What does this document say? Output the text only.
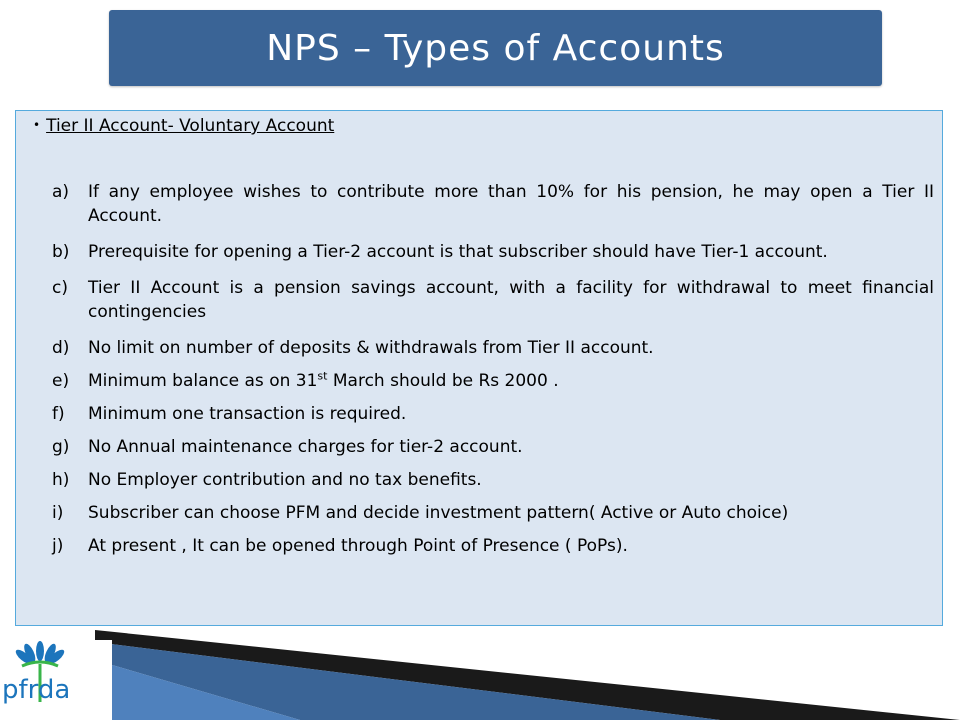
NPS – Types of Accounts
• Tier II Account- Voluntary Account
a)	If any employee wishes to contribute more than 10% for his pension, he may open a Tier II Account.
b)	Prerequisite for opening a Tier-2 account is that subscriber should have Tier-1 account.
c)	Tier II Account is a pension savings account, with a facility for withdrawal to meet financial contingencies
d)	No limit on number of deposits & withdrawals from Tier II account.
e)	Minimum balance as on 31st March should be Rs 2000 .
f)	Minimum one transaction is required.
g)	No Annual maintenance charges for tier-2 account.
h)	No Employer contribution and no tax benefits.
i)	Subscriber can choose PFM and decide investment pattern( Active or Auto choice)
j)	At present , It can be opened through Point of Presence ( PoPs).
pfrda
